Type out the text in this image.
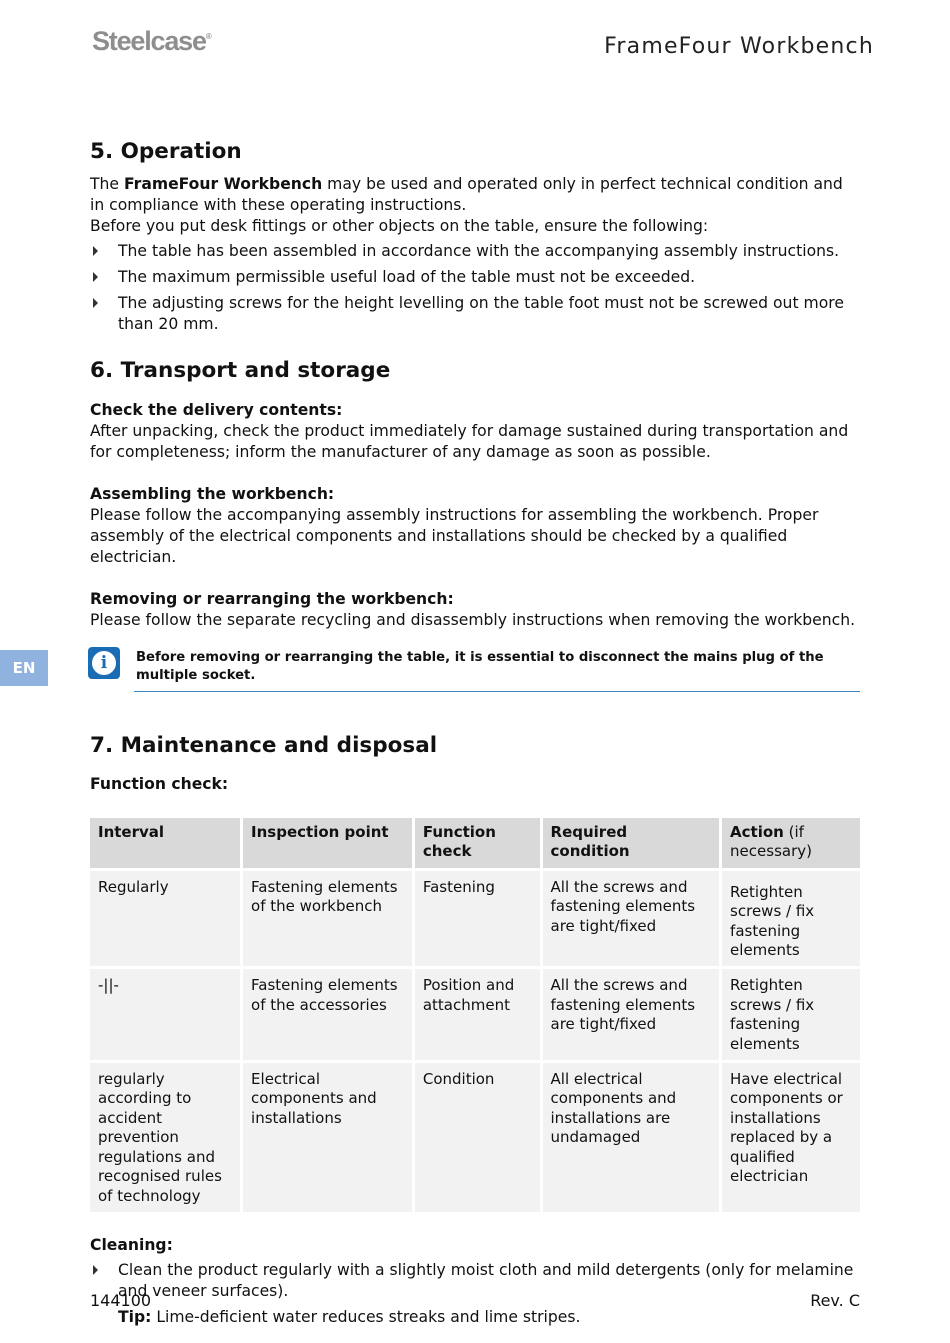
Steelcase®	FrameFour Workbench
EN
5. Operation

The FrameFour Workbench may be used and operated only in perfect technical condition and in compliance with these operating instructions.

Before you put desk fittings or other objects on the table, ensure the following:

The table has been assembled in accordance with the accompanying assembly instructions.
The maximum permissible useful load of the table must not be exceeded.
The adjusting screws for the height levelling on the table foot must not be screwed out more than 20 mm.
6. Transport and storage

Check the delivery contents:

After unpacking, check the product immediately for damage sustained during transportation and for completeness; inform the manufacturer of any damage as soon as possible.

Assembling the workbench:

Please follow the accompanying assembly instructions for assembling the workbench. Proper assembly of the electrical components and installations should be checked by a qualified electrician.

Removing or rearranging the workbench:

Please follow the separate recycling and disassembly instructions when removing the workbench.

i	Before removing or rearranging the table, it is essential to disconnect the mains plug of the multiple socket.
7. Maintenance and disposal

Function check:

Interval	Inspection point	Function check	Required condition	Action (if necessary)
Regularly	Fastening elements of the workbench	Fastening	All the screws and fastening elements are tight/fixed	Retighten screws / fix fastening elements
-||-	Fastening elements of the accessories	Position and attachment	All the screws and fastening elements are tight/fixed	Retighten screws / fix fastening elements
regularly according to accident prevention regulations and recognised rules of technology	Electrical components and installations	Condition	All electrical components and installations are undamaged	Have electrical components or installations replaced by a qualified electrician

Cleaning:

Clean the product regularly with a slightly moist cloth and mild detergents (only for melamine and veneer surfaces).

Tip: Lime-deficient water reduces streaks and lime stripes.

144100	Rev. C
